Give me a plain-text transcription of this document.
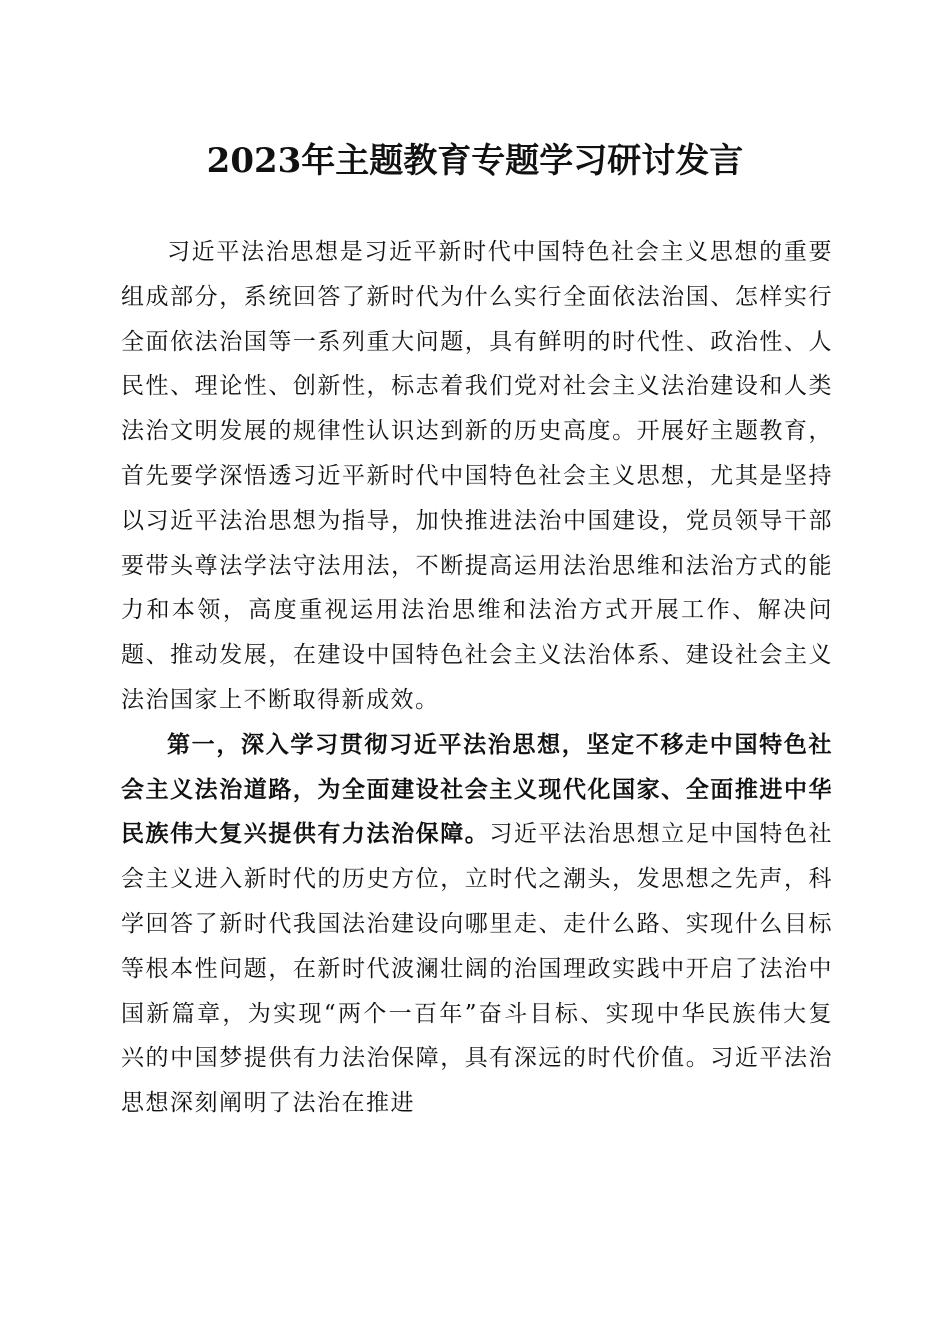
2023年主题教育专题学习研讨发言

习近平法治思想是习近平新时代中国特色社会主义思想的重要组成部分，系统回答了新时代为什么实行全面依法治国、怎样实行全面依法治国等一系列重大问题，具有鲜明的时代性、政治性、人民性、理论性、创新性，标志着我们党对社会主义法治建设和人类法治文明发展的规律性认识达到新的历史高度。开展好主题教育，首先要学深悟透习近平新时代中国特色社会主义思想，尤其是坚持以习近平法治思想为指导，加快推进法治中国建设，党员领导干部要带头尊法学法守法用法，不断提高运用法治思维和法治方式的能力和本领，高度重视运用法治思维和法治方式开展工作、解决问题、推动发展，在建设中国特色社会主义法治体系、建设社会主义法治国家上不断取得新成效。

第一，深入学习贯彻习近平法治思想，坚定不移走中国特色社会主义法治道路，为全面建设社会主义现代化国家、全面推进中华民族伟大复兴提供有力法治保障。习近平法治思想立足中国特色社会主义进入新时代的历史方位，立时代之潮头，发思想之先声，科学回答了新时代我国法治建设向哪里走、走什么路、实现什么目标等根本性问题，在新时代波澜壮阔的治国理政实践中开启了法治中国新篇章，为实现“两个一百年”奋斗目标、实现中华民族伟大复兴的中国梦提供有力法治保障，具有深远的时代价值。习近平法治思想深刻阐明了法治在推进
